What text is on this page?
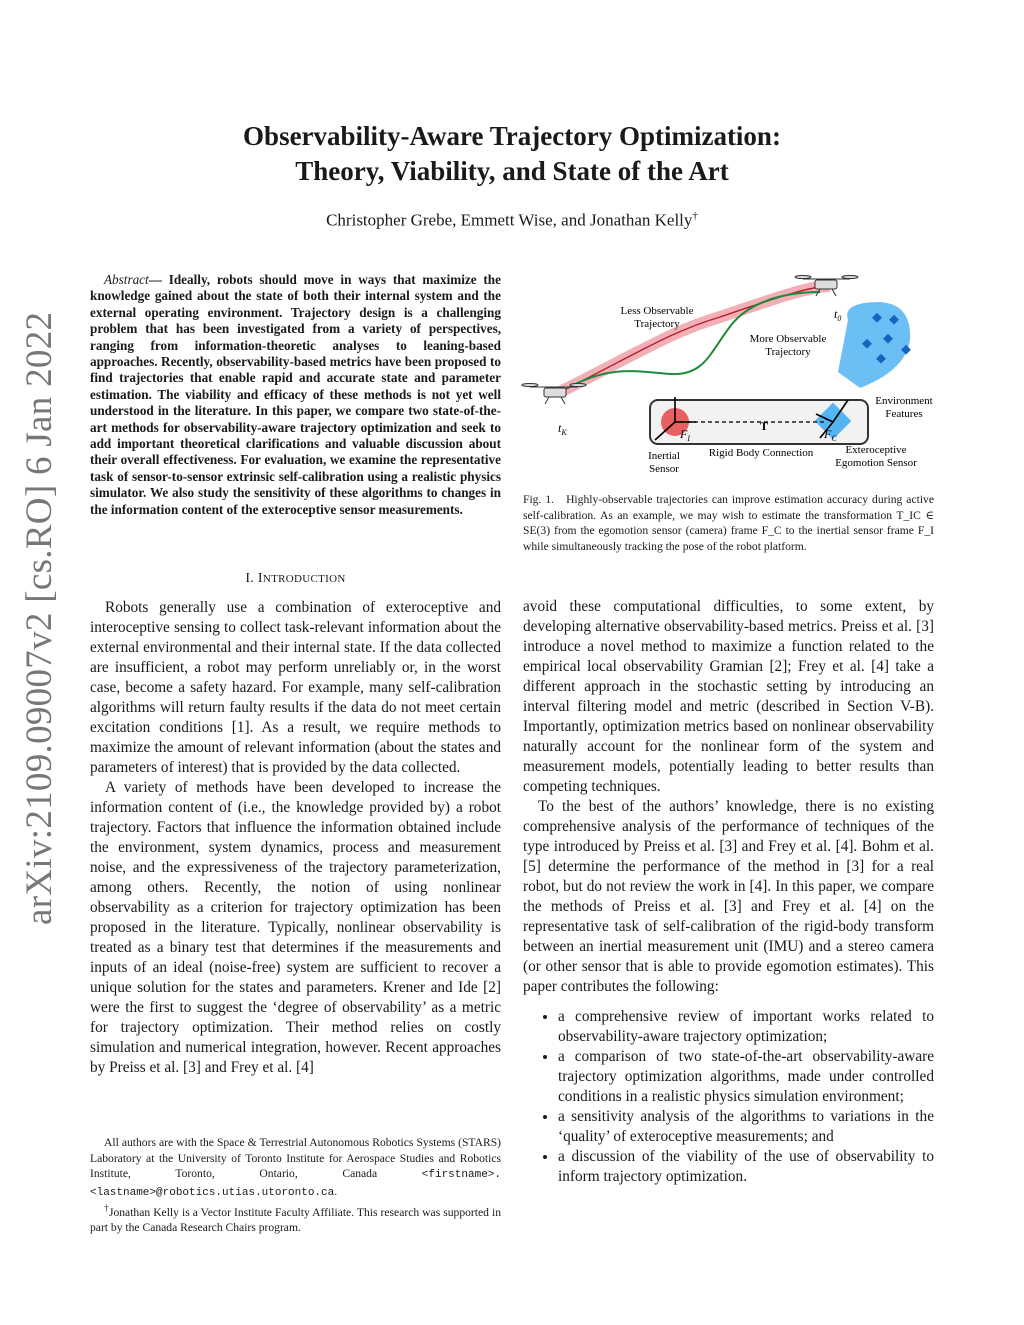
arXiv:2109.09007v2 [cs.RO] 6 Jan 2022
Observability-Aware Trajectory Optimization:
Theory, Viability, and State of the Art
Christopher Grebe, Emmett Wise, and Jonathan Kelly†
Abstract— Ideally, robots should move in ways that maximize the knowledge gained about the state of both their internal system and the external operating environment. Trajectory design is a challenging problem that has been investigated from a variety of perspectives, ranging from information-theoretic analyses to leaning-based approaches. Recently, observability-based metrics have been proposed to find trajectories that enable rapid and accurate state and parameter estimation. The viability and efficacy of these methods is not yet well understood in the literature. In this paper, we compare two state-of-the-art methods for observability-aware trajectory optimization and seek to add important theoretical clarifications and valuable discussion about their overall effectiveness. For evaluation, we examine the representative task of sensor-to-sensor extrinsic self-calibration using a realistic physics simulator. We also study the sensitivity of these algorithms to changes in the information content of the exteroceptive sensor measurements.
I. INTRODUCTION

Robots generally use a combination of exteroceptive and interoceptive sensing to collect task-relevant information about the external environmental and their internal state. If the data collected are insufficient, a robot may perform unreliably or, in the worst case, become a safety hazard. For example, many self-calibration algorithms will return faulty results if the data do not meet certain excitation conditions [1]. As a result, we require methods to maximize the amount of relevant information (about the states and parameters of interest) that is provided by the data collected.

A variety of methods have been developed to increase the information content of (i.e., the knowledge provided by) a robot trajectory. Factors that influence the information obtained include the environment, system dynamics, process and measurement noise, and the expressiveness of the trajectory parameterization, among others. Recently, the notion of using nonlinear observability as a criterion for trajectory optimization has been proposed in the literature. Typically, nonlinear observability is treated as a binary test that determines if the measurements and inputs of an ideal (noise-free) system are sufficient to recover a unique solution for the states and parameters. Krener and Ide [2] were the first to suggest the ‘degree of observability’ as a metric for trajectory optimization. Their method relies on costly simulation and numerical integration, however. Recent approaches by Preiss et al. [3] and Frey et al. [4]

All authors are with the Space & Terrestrial Autonomous Robotics Systems (STARS) Laboratory at the University of Toronto Institute for Aerospace Studies and Robotics Institute, Toronto, Ontario, Canada	<firstname>.<lastname>@robotics.utias.utoronto.ca.

†Jonathan Kelly is a Vector Institute Faculty Affiliate. This research was supported in part by the Canada Research Chairs program.

Less Observable
Trajectory
More Observable
Trajectory
$t_0$
$t_K$
Environment
Features
T
$F_I$	$F_C$
Inertial
Sensor
Rigid Body Connection	Exteroceptive
Egomotion Sensor
Fig. 1. Highly-observable trajectories can improve estimation accuracy during active self-calibration. As an example, we may wish to estimate the transformation T_IC ∈ SE(3) from the egomotion sensor (camera) frame F_C to the inertial sensor frame F_I while simultaneously tracking the pose of the robot platform.

avoid these computational difficulties, to some extent, by developing alternative observability-based metrics. Preiss et al. [3] introduce a novel method to maximize a function related to the empirical local observability Gramian [2]; Frey et al. [4] take a different approach in the stochastic setting by introducing an interval filtering model and metric (described in Section V-B). Importantly, optimization metrics based on nonlinear observability naturally account for the nonlinear form of the system and measurement models, potentially leading to better results than competing techniques.

To the best of the authors’ knowledge, there is no existing comprehensive analysis of the performance of techniques of the type introduced by Preiss et al. [3] and Frey et al. [4]. Bohm et al. [5] determine the performance of the method in [3] for a real robot, but do not review the work in [4]. In this paper, we compare the methods of Preiss et al. [3] and Frey et al. [4] on the representative task of self-calibration of the rigid-body transform between an inertial measurement unit (IMU) and a stereo camera (or other sensor that is able to provide egomotion estimates). This paper contributes the following:

• a comprehensive review of important works related to observability-aware trajectory optimization;
• a comparison of two state-of-the-art observability-aware trajectory optimization algorithms, made under controlled conditions in a realistic physics simulation environment;
• a sensitivity analysis of the algorithms to variations in the ‘quality’ of exteroceptive measurements; and
• a discussion of the viability of the use of observability to inform trajectory optimization.
